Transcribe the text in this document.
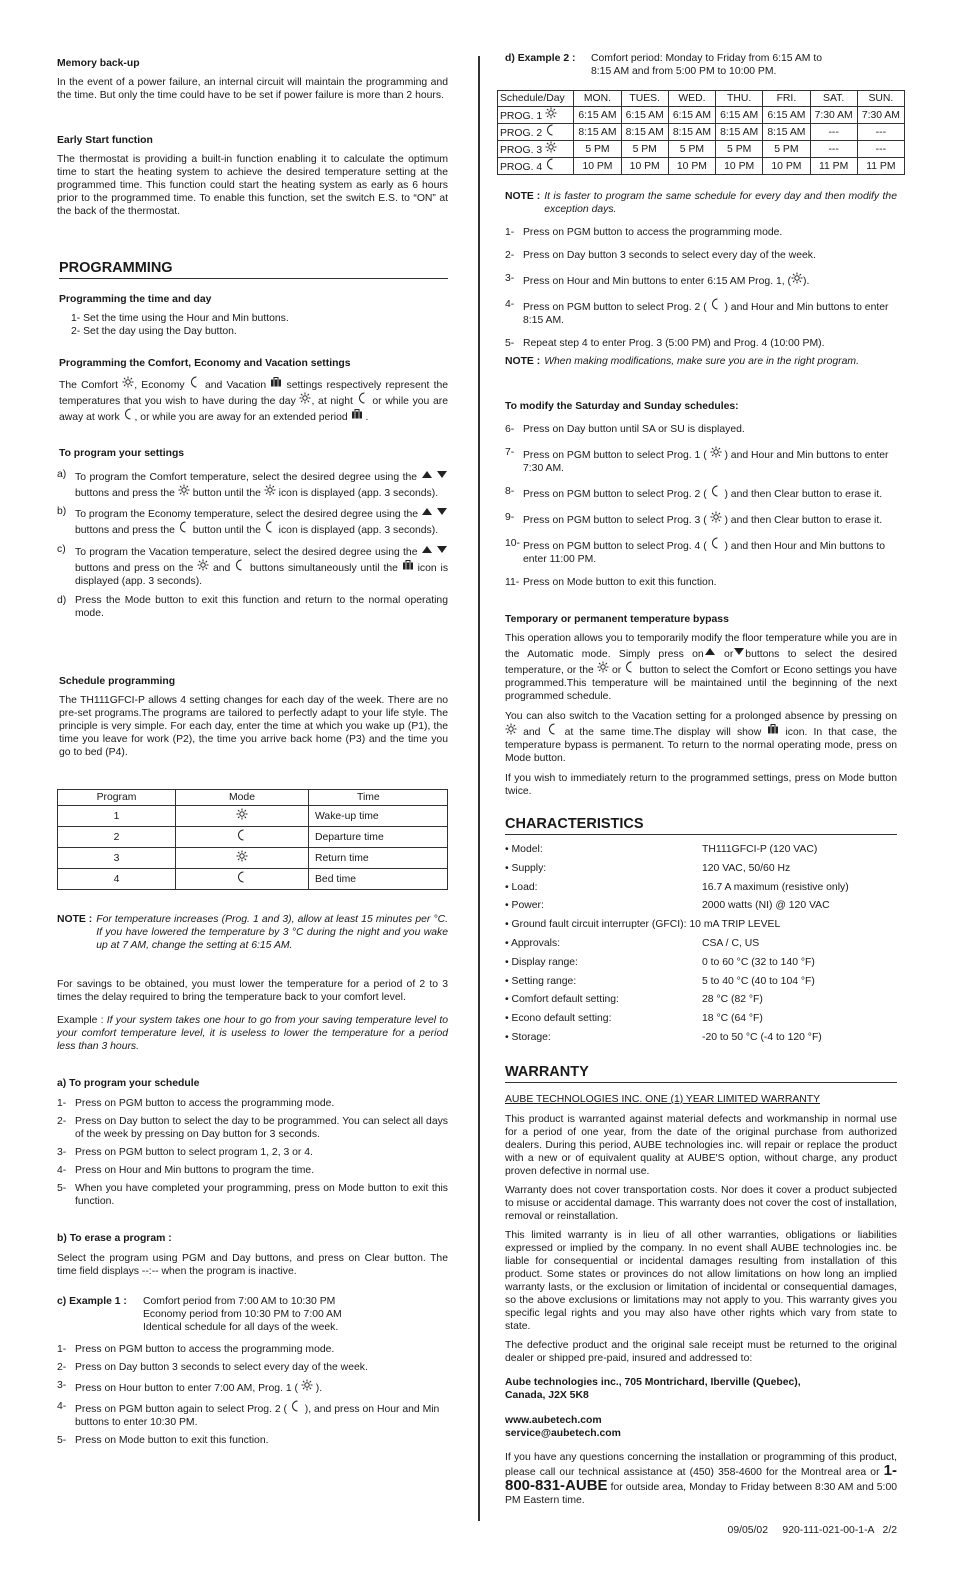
Memory back-up
In the event of a power failure, an internal circuit will maintain the programming and the time. But only the time could have to be set if power failure is more than 2 hours.
Early Start function
The thermostat is providing a built-in function enabling it to calculate the optimum time to start the heating system to achieve the desired temperature setting at the programmed time. This function could start the heating system as early as 6 hours prior to the programmed time. To enable this function, set the switch E.S. to “ON” at the back of the thermostat.
PROGRAMMING
Programming the time and day
1- Set the time using the Hour and Min buttons.
2- Set the day using the Day button.
Programming the Comfort, Economy and Vacation settings
The Comfort , Economy and Vacation settings respectively represent the temperatures that you wish to have during the day , at night or while you are away at work , or while you are away for an extended period .
To program your settings
a) To program the Comfort temperature, select the desired degree using the   buttons and press the button until the icon is displayed (app. 3 seconds).
b) To program the Economy temperature, select the desired degree using the   buttons and press the button until the icon is displayed (app. 3 seconds).
c) To program the Vacation temperature, select the desired degree using the   buttons and press on the and buttons simultaneously until the icon is displayed (app. 3 seconds).
d) Press the Mode button to exit this function and return to the normal operating mode.
Schedule programming
The TH111GFCI-P allows 4 setting changes for each day of the week. There are no pre-set programs.The programs are tailored to perfectly adapt to your life style. The principle is very simple. For each day, enter the time at which you wake up (P1), the time you leave for work (P2), the time you arrive back home (P3) and the time you go to bed (P4).
Program	Mode	Time
1		Wake-up time
2		Departure time
3		Return time
4		Bed time
NOTE : For temperature increases (Prog. 1 and 3), allow at least 15 minutes per °C. If you have lowered the temperature by 3 °C during the night and you wake up at 7 AM, change the setting at 6:15 AM.
For savings to be obtained, you must lower the temperature for a period of 2 to 3 times the delay required to bring the temperature back to your comfort level.
Example : If your system takes one hour to go from your saving temperature level to your comfort temperature level, it is useless to lower the temperature for a period less than 3 hours.
a) To program your schedule
1- Press on PGM button to access the programming mode.
2- Press on Day button to select the day to be programmed. You can select all days of the week by pressing on Day button for 3 seconds.
3- Press on PGM button to select program 1, 2, 3 or 4.
4- Press on Hour and Min buttons to program the time.
5- When you have completed your programming, press on Mode button to exit this function.
b) To erase a program :
Select the program using PGM and Day buttons, and press on Clear button. The time field displays --:-- when the program is inactive.
c) Example 1 :	Comfort period from 7:00 AM to 10:30 PM
Economy period from 10:30 PM to 7:00 AM
Identical schedule for all days of the week.
1- Press on PGM button to access the programming mode.
2- Press on Day button 3 seconds to select every day of the week.
3- Press on Hour button to enter 7:00 AM, Prog. 1 ( ).
4- Press on PGM button again to select Prog. 2 ( ), and press on Hour and Min buttons to enter 10:30 PM.
5- Press on Mode button to exit this function.
d) Example 2 :	Comfort period: Monday to Friday from 6:15 AM to
8:15 AM and from 5:00 PM to 10:00 PM.
Schedule/Day	MON.	TUES.	WED.	THU.	FRI.	SAT.	SUN.
PROG. 1	6:15 AM	6:15 AM	6:15 AM	6:15 AM	6:15 AM	7:30 AM	7:30 AM
PROG. 2	8:15 AM	8:15 AM	8:15 AM	8:15 AM	8:15 AM	---	---
PROG. 3	5 PM	5 PM	5 PM	5 PM	5 PM	---	---
PROG. 4	10 PM	10 PM	10 PM	10 PM	10 PM	11 PM	11 PM
NOTE : It is faster to program the same schedule for every day and then modify the exception days.
1- Press on PGM button to access the programming mode.
2- Press on Day button 3 seconds to select every day of the week.
3- Press on Hour and Min buttons to enter 6:15 AM Prog. 1, ( ).
4- Press on PGM button to select Prog. 2 ( ) and Hour and Min buttons to enter 8:15 AM.
5- Repeat step 4 to enter Prog. 3 (5:00 PM) and Prog. 4 (10:00 PM).
NOTE : When making modifications, make sure you are in the right program.
To modify the Saturday and Sunday schedules:
6- Press on Day button until SA or SU is displayed.
7- Press on PGM button to select Prog. 1 ( ) and Hour and Min buttons to enter 7:30 AM.
8- Press on PGM button to select Prog. 2 ( ) and then Clear button to erase it.
9- Press on PGM button to select Prog. 3 ( ) and then Clear button to erase it.
10- Press on PGM button to select Prog. 4 ( ) and then Hour and Min buttons to enter 11:00 PM.
11- Press on Mode button to exit this function.
Temporary or permanent temperature bypass
This operation allows you to temporarily modify the floor temperature while you are in the Automatic mode. Simply press on or buttons to select the desired temperature, or the or button to select the Comfort or Econo settings you have programmed.This temperature will be maintained until the beginning of the next programmed schedule.
You can also switch to the Vacation setting for a prolonged absence by pressing on  and at the same time.The display will show icon. In that case, the temperature bypass is permanent. To return to the normal operating mode, press on Mode button.
If you wish to immediately return to the programmed settings, press on Mode button twice.
CHARACTERISTICS
• Model:	TH111GFCI-P (120 VAC)
• Supply:	120 VAC, 50/60 Hz
• Load:	16.7 A maximum (resistive only)
• Power:	2000 watts (NI) @ 120 VAC
• Ground fault circuit interrupter (GFCI): 10 mA TRIP LEVEL
• Approvals:	CSA / C, US
• Display range:	0 to 60 °C (32 to 140 °F)
• Setting range:	5 to 40 °C (40 to 104 °F)
• Comfort default setting:	28 °C (82 °F)
• Econo default setting:	18 °C (64 °F)
• Storage:	-20 to 50 °C (-4 to 120 °F)
WARRANTY
AUBE TECHNOLOGIES INC. ONE (1) YEAR LIMITED WARRANTY
This product is warranted against material defects and workmanship in normal use for a period of one year, from the date of the original purchase from authorized dealers. During this period, AUBE technologies inc. will repair or replace the product with a new or of equivalent quality at AUBE'S option, without charge, any product proven defective in normal use.
Warranty does not cover transportation costs. Nor does it cover a product subjected to misuse or accidental damage. This warranty does not cover the cost of installation, removal or reinstallation.
This limited warranty is in lieu of all other warranties, obligations or liabilities expressed or implied by the company. In no event shall AUBE technologies inc. be liable for consequential or incidental damages resulting from installation of this product. Some states or provinces do not allow limitations on how long an implied warranty lasts, or the exclusion or limitation of incidental or consequential damages, so the above exclusions or limitations may not apply to you. This warranty gives you specific legal rights and you may also have other rights which vary from state to state.
The defective product and the original sale receipt must be returned to the original dealer or shipped pre-paid, insured and addressed to:
Aube technologies inc., 705 Montrichard, Iberville (Quebec),
Canada, J2X 5K8
www.aubetech.com
service@aubetech.com
If you have any questions concerning the installation or programming of this product, please call our technical assistance at (450) 358-4600 for the Montreal area or 1-800-831-AUBE for outside area, Monday to Friday between 8:30 AM and 5:00 PM Eastern time.
09/05/02     920-111-021-00-1-A   2/2
